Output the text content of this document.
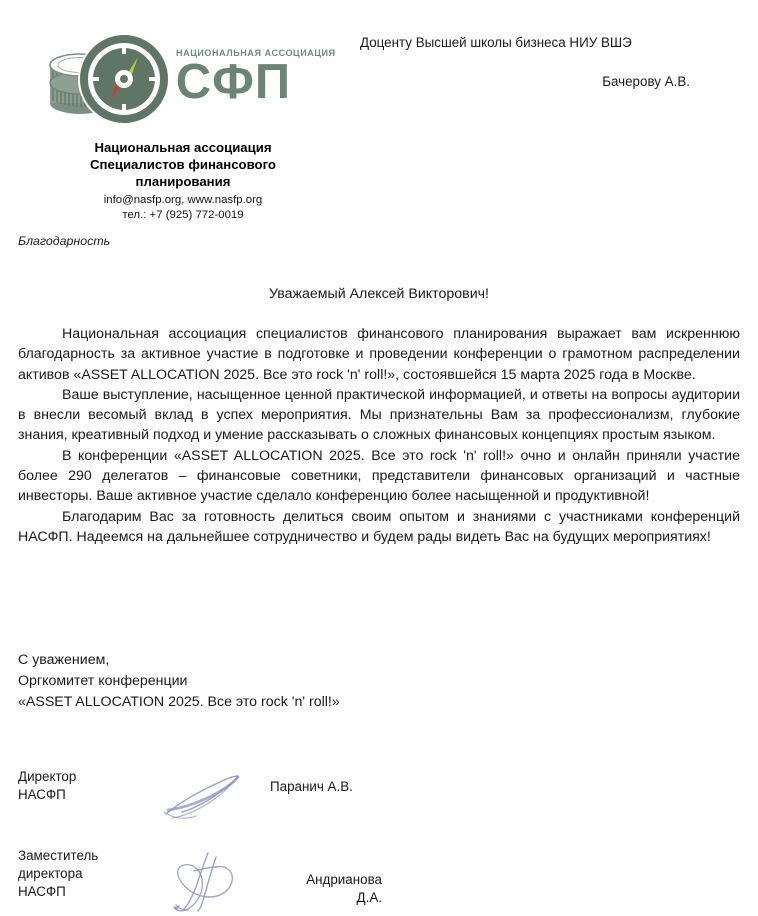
НАЦИОНАЛЬНАЯ АССОЦИАЦИЯ
СФП
Национальная ассоциация
Специалистов финансового
планирования
info@nasfp.org, www.nasfp.org
тел.: +7 (925) 772-0019
Доценту Высшей школы бизнеса НИУ ВШЭ
Бачерову А.В.
Благодарность
Уважаемый Алексей Викторович!

Национальная ассоциация специалистов финансового планирования выражает вам искреннюю благодарность за активное участие в подготовке и проведении конференции о грамотном распределении активов «ASSET ALLOCATION 2025. Все это rock 'n' roll!», состоявшейся 15 марта 2025 года в Москве.

Ваше выступление, насыщенное ценной практической информацией, и ответы на вопросы аудитории в внесли весомый вклад в успех мероприятия. Мы признательны Вам за профессионализм, глубокие знания, креативный подход и умение рассказывать о сложных финансовых концепциях простым языком.

В конференции «ASSET ALLOCATION 2025. Все это rock 'n' roll!» очно и онлайн приняли участие более 290 делегатов – финансовые советники, представители финансовых организаций и частные инвесторы. Ваше активное участие сделало конференцию более насыщенной и продуктивной!

Благодарим Вас за готовность делиться своим опытом и знаниями с участниками конференций НАСФП. Надеемся на дальнейшее сотрудничество и будем рады видеть Вас на будущих мероприятиях!

С уважением,
Оргкомитет конференции
«ASSET ALLOCATION 2025. Все это rock 'n' roll!»
Директор
НАСФП
Паранич А.В.
Заместитель
директора
НАСФП
Андрианова
Д.А.
